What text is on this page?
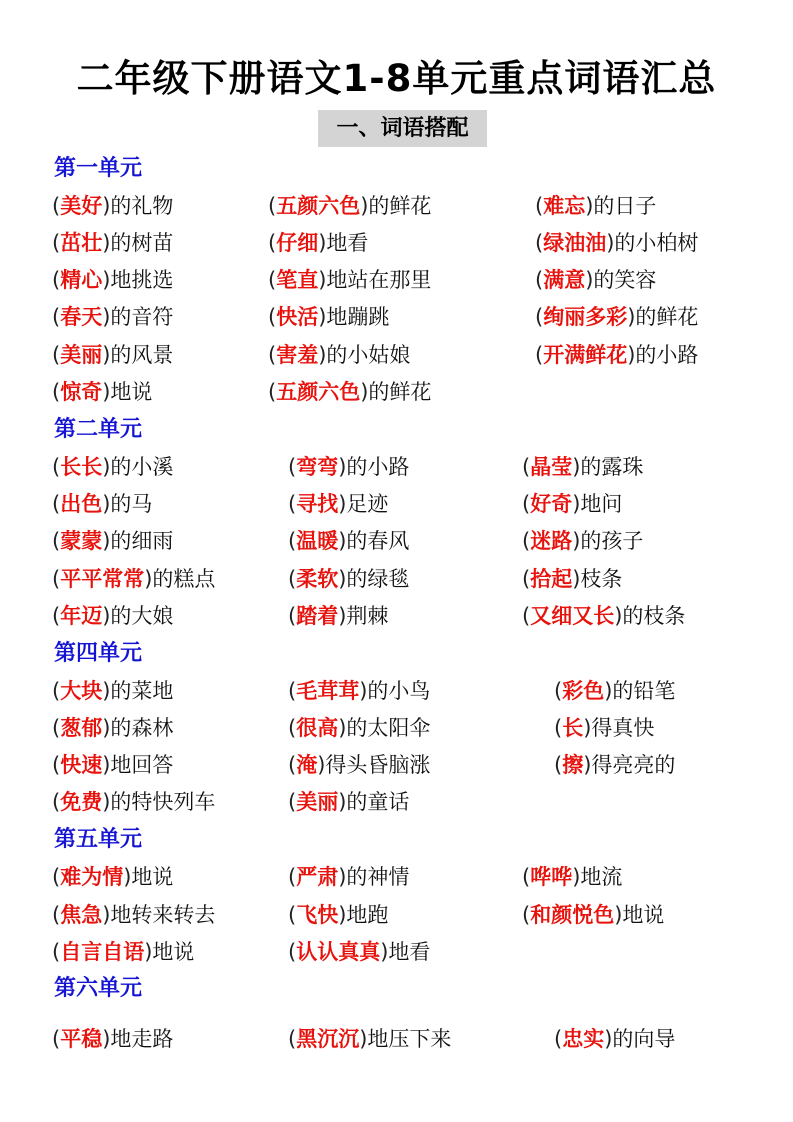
二年级下册语文1-8单元重点词语汇总
一、词语搭配
第一单元
(美好)的礼物	(五颜六色)的鲜花	(难忘)的日子
(茁壮)的树苗	(仔细)地看	(绿油油)的小柏树
(精心)地挑选	(笔直)地站在那里	(满意)的笑容
(春天)的音符	(快活)地蹦跳	(绚丽多彩)的鲜花
(美丽)的风景	(害羞)的小姑娘	(开满鲜花)的小路
(惊奇)地说	(五颜六色)的鲜花
第二单元
(长长)的小溪	(弯弯)的小路	(晶莹)的露珠
(出色)的马	(寻找)足迹	(好奇)地问
(蒙蒙)的细雨	(温暖)的春风	(迷路)的孩子
(平平常常)的糕点	(柔软)的绿毯	(拾起)枝条
(年迈)的大娘	(踏着)荆棘	(又细又长)的枝条
第四单元
(大块)的菜地	(毛茸茸)的小鸟	(彩色)的铅笔
(葱郁)的森林	(很高)的太阳伞	(长)得真快
(快速)地回答	(淹)得头昏脑涨	(擦)得亮亮的
(免费)的特快列车	(美丽)的童话
第五单元
(难为情)地说	(严肃)的神情	(哗哗)地流
(焦急)地转来转去	(飞快)地跑	(和颜悦色)地说
(自言自语)地说	(认认真真)地看
第六单元
(平稳)地走路	(黑沉沉)地压下来	(忠实)的向导
